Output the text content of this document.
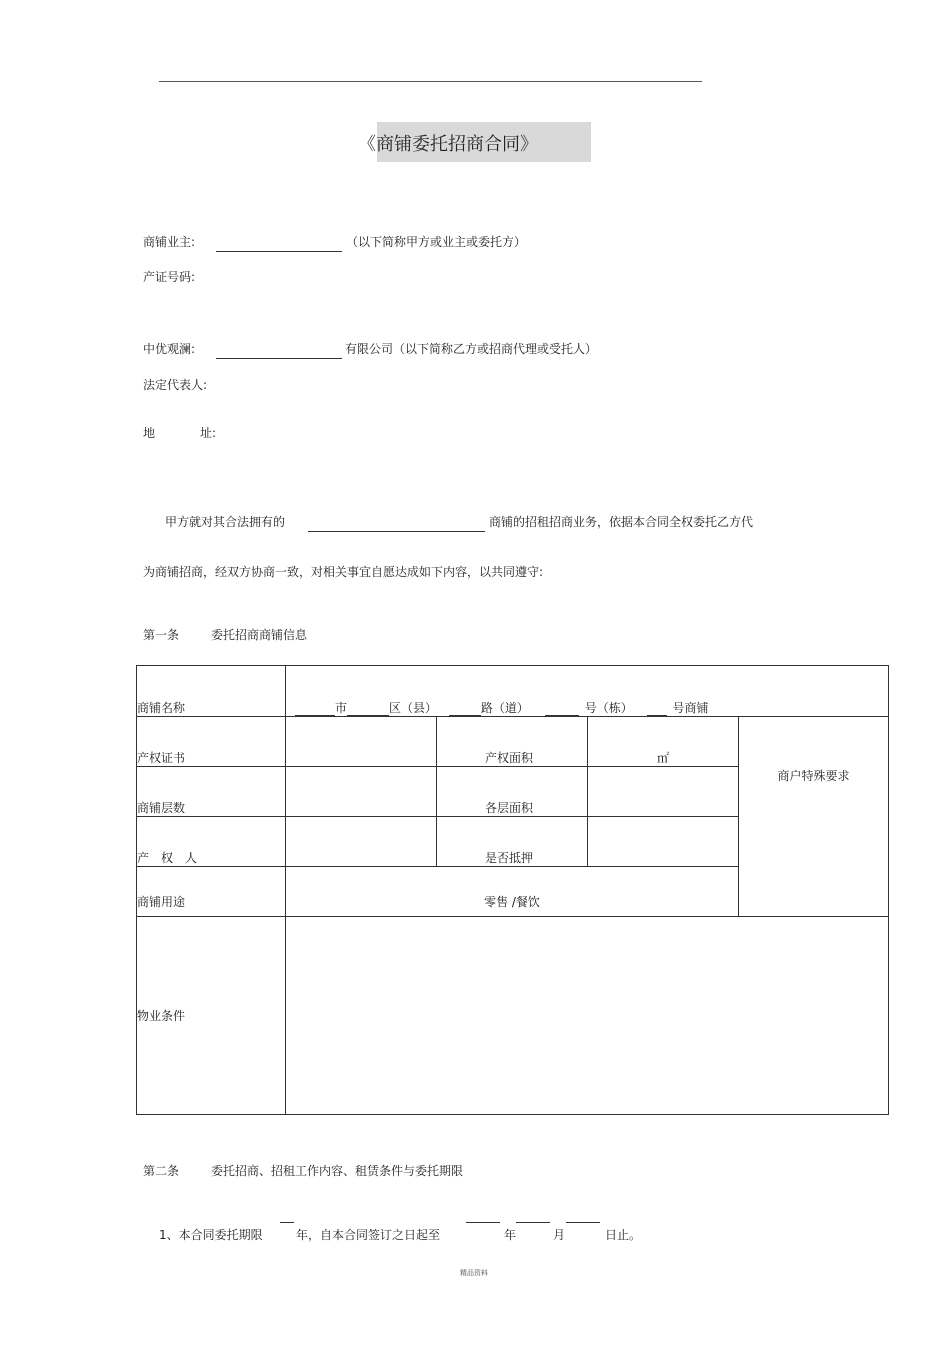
《商铺委托招商合同》
商铺业主:	（以下简称甲方或业主或委托方）
产证号码:
中优观澜:	有限公司（以下简称乙方或招商代理或受托人）
法定代表人:
地	址:
甲方就对其合法拥有的	商铺的招租招商业务，依据本合同全权委托乙方代
为商铺招商，经双方协商一致，对相关事宜自愿达成如下内容，以共同遵守:
第一条	委托招商商铺信息
商铺名称	市 区（县） 路（道） 号（栋） 号商铺			
产权证书		产权面积	㎡	商户特殊要求
商铺层数		各层面积		
产　权　人		是否抵押		
商铺用途	零售 /餐饮			
物业条件				
第二条	委托招商、招租工作内容、租赁条件与委托期限
1、本合同委托期限	年，自本合同签订之日起至	年	月	日止。
精品资料
